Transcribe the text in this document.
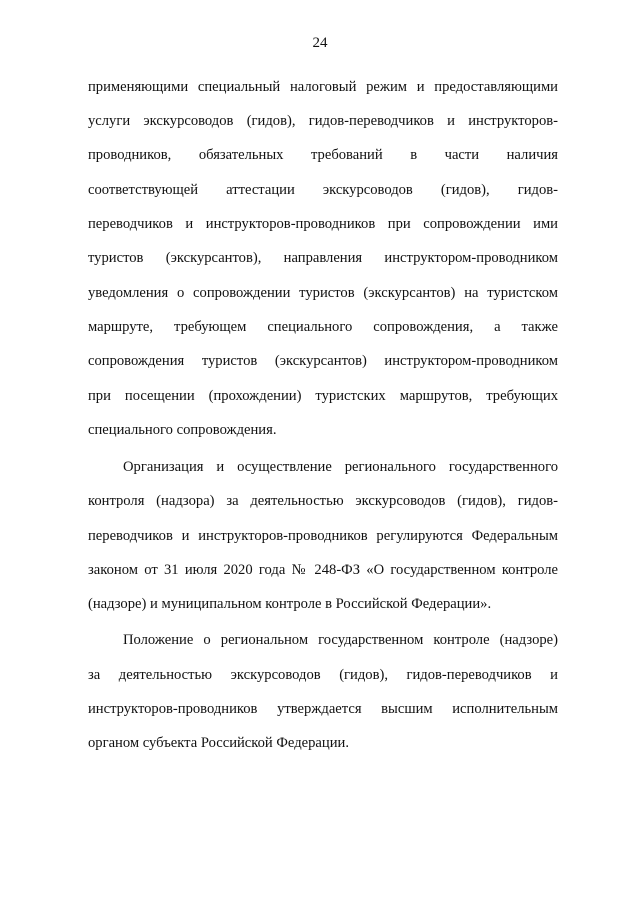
24
применяющими специальный налоговый режим и предоставляющими
услуги экскурсоводов (гидов), гидов-переводчиков и инструкторов-
проводников, обязательных требований в части наличия
соответствующей аттестации экскурсоводов (гидов), гидов-
переводчиков и инструкторов-проводников при сопровождении ими
туристов (экскурсантов), направления инструктором-проводником
уведомления о сопровождении туристов (экскурсантов) на туристском
маршруте, требующем специального сопровождения, а также
сопровождения туристов (экскурсантов) инструктором-проводником
при посещении (прохождении) туристских маршрутов, требующих
специального сопровождения.
Организация и осуществление регионального государственного
контроля (надзора) за деятельностью экскурсоводов (гидов), гидов-
переводчиков и инструкторов-проводников регулируются Федеральным
законом от 31 июля 2020 года № 248-ФЗ «О государственном контроле
(надзоре) и муниципальном контроле в Российской Федерации».
Положение о региональном государственном контроле (надзоре)
за деятельностью экскурсоводов (гидов), гидов-переводчиков и
инструкторов-проводников утверждается высшим исполнительным
органом субъекта Российской Федерации.
